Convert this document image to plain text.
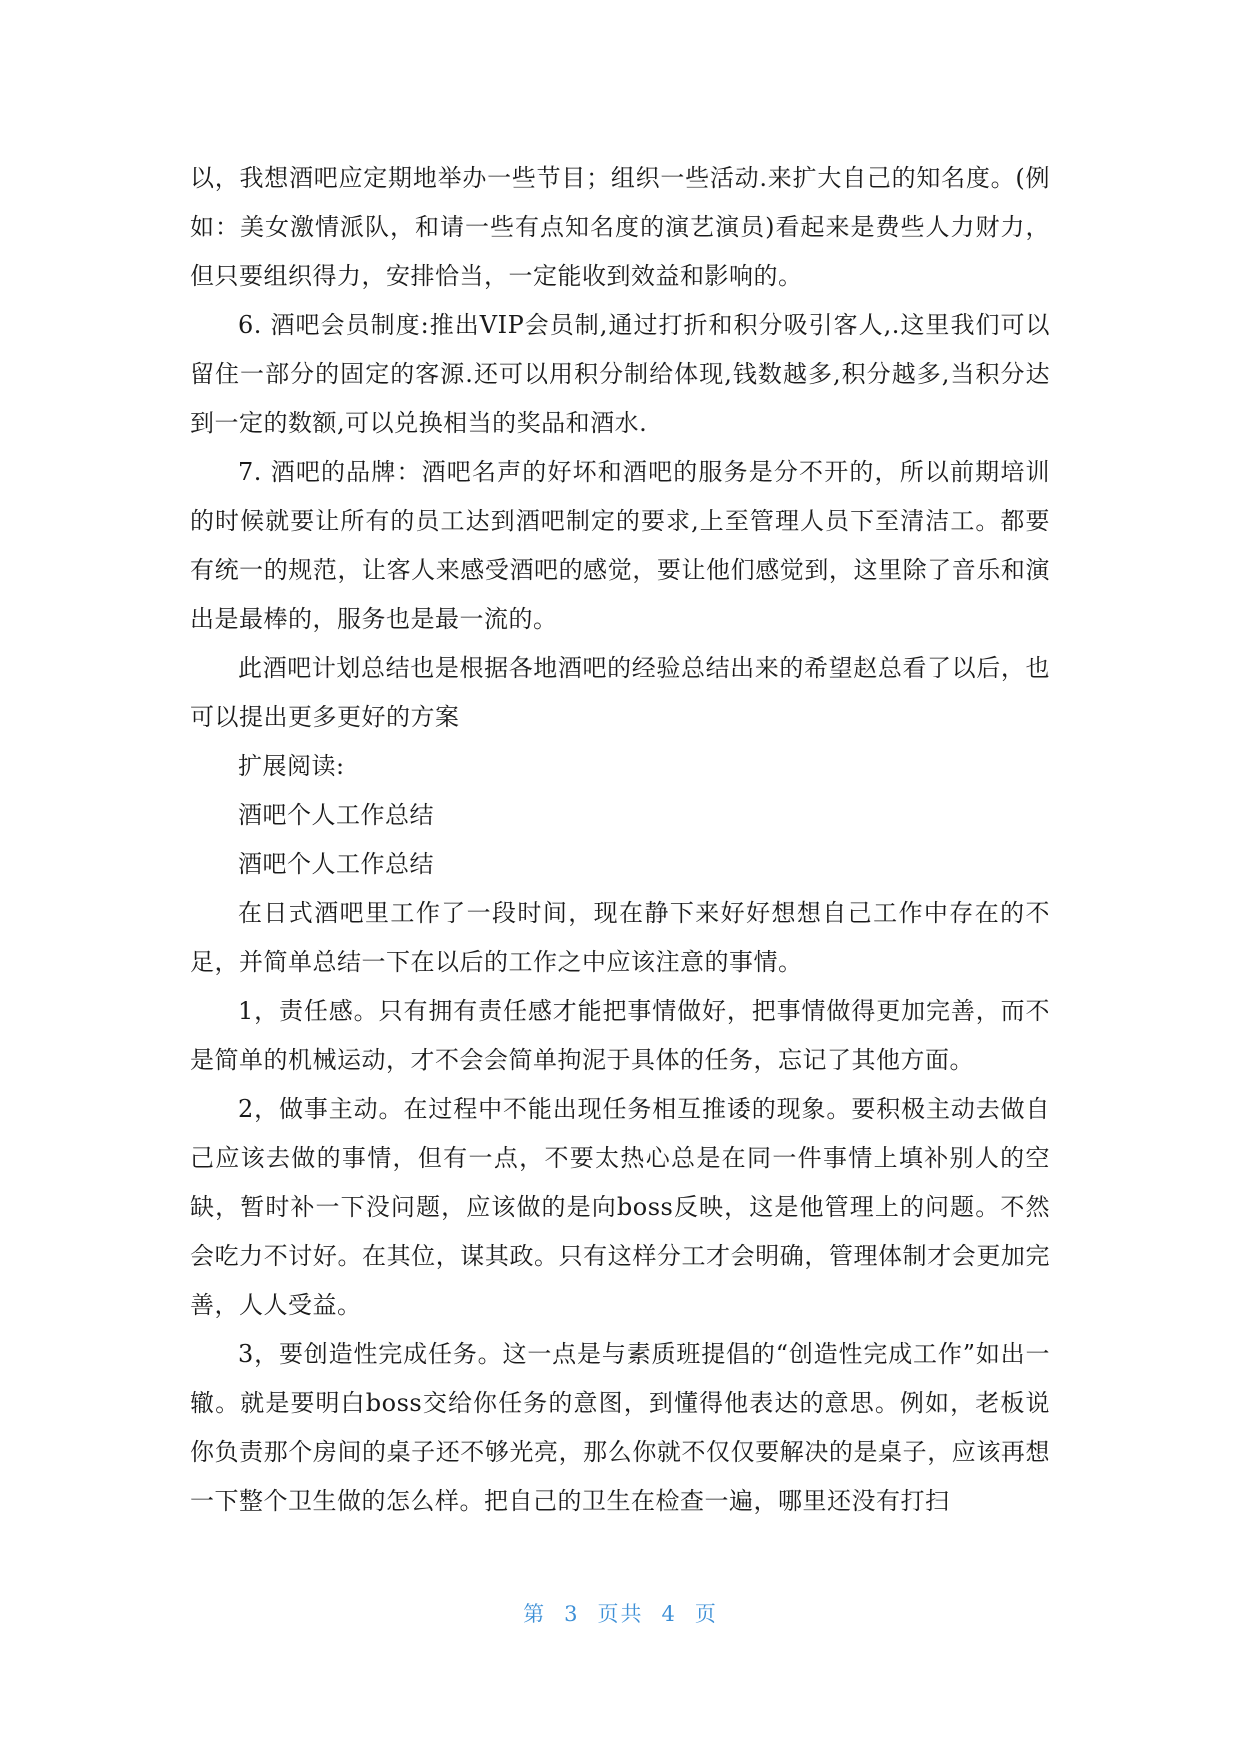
以，我想酒吧应定期地举办一些节目；组织一些活动.来扩大自己的知名度。(例如：美女激情派队，和请一些有点知名度的演艺演员)看起来是费些人力财力，但只要组织得力，安排恰当，一定能收到效益和影响的。

6. 酒吧会员制度:推出VIP会员制,通过打折和积分吸引客人,.这里我们可以留住一部分的固定的客源.还可以用积分制给体现,钱数越多,积分越多,当积分达到一定的数额,可以兑换相当的奖品和酒水.

7. 酒吧的品牌：酒吧名声的好坏和酒吧的服务是分不开的，所以前期培训的时候就要让所有的员工达到酒吧制定的要求,上至管理人员下至清洁工。都要有统一的规范，让客人来感受酒吧的感觉，要让他们感觉到，这里除了音乐和演出是最棒的，服务也是最一流的。

此酒吧计划总结也是根据各地酒吧的经验总结出来的希望赵总看了以后，也可以提出更多更好的方案

扩展阅读:

酒吧个人工作总结

酒吧个人工作总结

在日式酒吧里工作了一段时间，现在静下来好好想想自己工作中存在的不足，并简单总结一下在以后的工作之中应该注意的事情。

1，责任感。只有拥有责任感才能把事情做好，把事情做得更加完善，而不是简单的机械运动，才不会会简单拘泥于具体的任务，忘记了其他方面。

2，做事主动。在过程中不能出现任务相互推诿的现象。要积极主动去做自己应该去做的事情，但有一点，不要太热心总是在同一件事情上填补别人的空缺，暂时补一下没问题，应该做的是向boss反映，这是他管理上的问题。不然会吃力不讨好。在其位，谋其政。只有这样分工才会明确，管理体制才会更加完善，人人受益。

3，要创造性完成任务。这一点是与素质班提倡的“创造性完成工作”如出一辙。就是要明白boss交给你任务的意图，到懂得他表达的意思。例如，老板说你负责那个房间的桌子还不够光亮，那么你就不仅仅要解决的是桌子，应该再想一下整个卫生做的怎么样。把自己的卫生在检查一遍，哪里还没有打扫

第 3 页共 4 页
